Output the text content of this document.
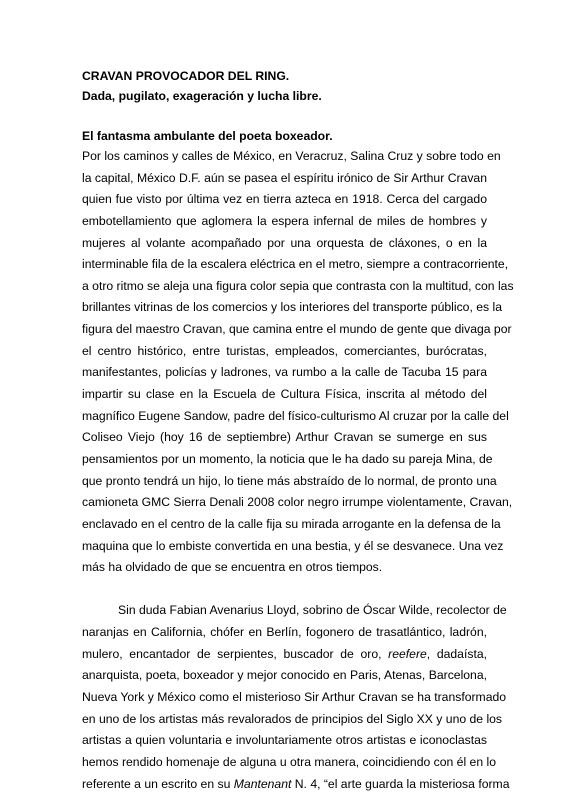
CRAVAN PROVOCADOR DEL RING.

Dada, pugilato, exageración y lucha libre.

El fantasma ambulante del poeta boxeador.

Por los caminos y calles de México, en Veracruz, Salina Cruz y sobre todo en
la capital, México D.F. aún se pasea el espíritu irónico de Sir Arthur Cravan
quien fue visto por última vez en tierra azteca en 1918. Cerca del cargado
embotellamiento que aglomera la espera infernal de miles de hombres y
mujeres al volante acompañado por una orquesta de cláxones, o en la
interminable fila de la escalera eléctrica en el metro, siempre a contracorriente,
a otro ritmo se aleja una figura color sepia que contrasta con la multitud, con las
brillantes vitrinas de los comercios y los interiores del transporte público, es la
figura del maestro Cravan, que camina entre el mundo de gente que divaga por
el centro histórico, entre turistas, empleados, comerciantes, burócratas,
manifestantes, policías y ladrones, va rumbo a la calle de Tacuba 15 para
impartir su clase en la Escuela de Cultura Física, inscrita al método del
magnífico Eugene Sandow, padre del físico-culturismo Al cruzar por la calle del
Coliseo Viejo (hoy 16 de septiembre) Arthur Cravan se sumerge en sus
pensamientos por un momento, la noticia que le ha dado su pareja Mina, de
que pronto tendrá un hijo, lo tiene más abstraído de lo normal, de pronto una
camioneta GMC Sierra Denali 2008 color negro irrumpe violentamente, Cravan,
enclavado en el centro de la calle fija su mirada arrogante en la defensa de la
maquina que lo embiste convertida en una bestia, y él se desvanece. Una vez
más ha olvidado de que se encuentra en otros tiempos.
Sin duda Fabian Avenarius Lloyd, sobrino de Óscar Wilde, recolector de
naranjas en California, chófer en Berlín, fogonero de trasatlántico, ladrón,
mulero, encantador de serpientes, buscador de oro, reefere, dadaísta,
anarquista, poeta, boxeador y mejor conocido en Paris, Atenas, Barcelona,
Nueva York y México como el misterioso Sir Arthur Cravan se ha transformado
en uno de los artistas más revalorados de principios del Siglo XX y uno de los
artistas a quien voluntaria e involuntariamente otros artistas e iconoclastas
hemos rendido homenaje de alguna u otra manera, coincidiendo con él en lo
referente a un escrito en su Mantenant N. 4, “el arte guarda la misteriosa forma
